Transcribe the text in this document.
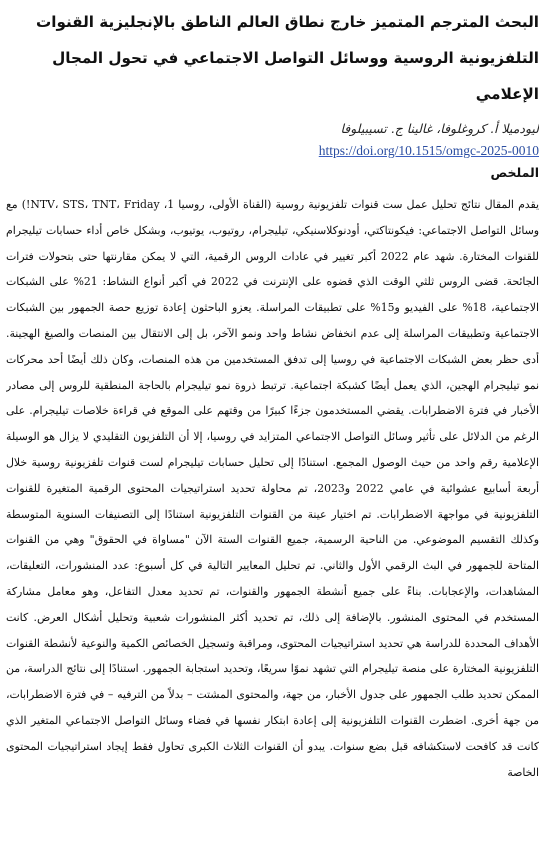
البحث المترجم المتميز خارج نطاق العالم الناطق بالإنجليزية القنوات التلفزيونية الروسية ووسائل التواصل الاجتماعي في تحول المجال الإعلامي
ليودميلا أ. كروغلوفا، غالينا ج. تسيبيلوفا
https://doi.org/10.1515/omgc-2025-0010
الملخص

يقدم المقال نتائج تحليل عمل ست قنوات تلفزيونية روسية (القناة الأولى، روسيا 1، NTV، STS، TNT، Friday!) مع وسائل التواصل الاجتماعي: فيكونتاكتي، أودنوكلاسنيكي، تيليجرام، روتيوب، يوتيوب، وبشكل خاص أداء حسابات تيليجرام للقنوات المختارة. شهد عام 2022 أكبر تغيير في عادات الروس الرقمية، التي لا يمكن مقارنتها حتى بتحولات فترات الجائحة. قضى الروس ثلثي الوقت الذي قضوه على الإنترنت في 2022 في أكبر أنواع النشاط: 21% على الشبكات الاجتماعية، 18% على الفيديو و15% على تطبيقات المراسلة. يعزو الباحثون إعادة توزيع حصة الجمهور بين الشبكات الاجتماعية وتطبيقات المراسلة إلى عدم انخفاض نشاط واحد ونمو الآخر، بل إلى الانتقال بين المنصات والصيغ الهجينة. أدى حظر بعض الشبكات الاجتماعية في روسيا إلى تدفق المستخدمين من هذه المنصات، وكان ذلك أيضًا أحد محركات نمو تيليجرام الهجين، الذي يعمل أيضًا كشبكة اجتماعية. ترتبط ذروة نمو تيليجرام بالحاجة المنطقية للروس إلى مصادر الأخبار في فترة الاضطرابات. يقضي المستخدمون جزءًا كبيرًا من وقتهم على الموقع في قراءة خلاصات تيليجرام. على الرغم من الدلائل على تأثير وسائل التواصل الاجتماعي المتزايد في روسيا، إلا أن التلفزيون التقليدي لا يزال هو الوسيلة الإعلامية رقم واحد من حيث الوصول المجمع. استنادًا إلى تحليل حسابات تيليجرام لست قنوات تلفزيونية روسية خلال أربعة أسابيع عشوائية في عامي 2022 و2023، تم محاولة تحديد استراتيجيات المحتوى الرقمية المتغيرة للقنوات التلفزيونية في مواجهة الاضطرابات. تم اختيار عينة من القنوات التلفزيونية استنادًا إلى التصنيفات السنوية المتوسطة وكذلك التقسيم الموضوعي. من الناحية الرسمية، جميع القنوات الستة الآن "مساواة في الحقوق" وهي من القنوات المتاحة للجمهور في البث الرقمي الأول والثاني. تم تحليل المعايير التالية في كل أسبوع: عدد المنشورات، التعليقات، المشاهدات، والإعجابات. بناءً على جميع أنشطة الجمهور والقنوات، تم تحديد معدل التفاعل، وهو معامل مشاركة المستخدم في المحتوى المنشور. بالإضافة إلى ذلك، تم تحديد أكثر المنشورات شعبية وتحليل أشكال العرض. كانت الأهداف المحددة للدراسة هي تحديد استراتيجيات المحتوى، ومراقبة وتسجيل الخصائص الكمية والنوعية لأنشطة القنوات التلفزيونية المختارة على منصة تيليجرام التي تشهد نموًا سريعًا، وتحديد استجابة الجمهور. استنادًا إلى نتائج الدراسة، من الممكن تحديد طلب الجمهور على جدول الأخبار، من جهة، والمحتوى المشتت – بدلاً من الترفيه – في فترة الاضطرابات، من جهة أخرى. اضطرت القنوات التلفزيونية إلى إعادة ابتكار نفسها في فضاء وسائل التواصل الاجتماعي المتغير الذي كانت قد كافحت لاستكشافه قبل بضع سنوات. يبدو أن القنوات الثلاث الكبرى تحاول فقط إيجاد استراتيجيات المحتوى الخاصة
